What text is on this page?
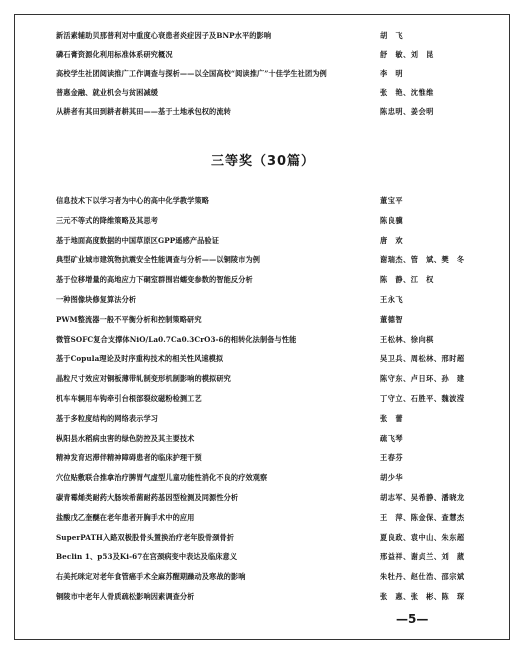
新活素辅助贝那普利对中重度心衰患者炎症因子及BNP水平的影响	胡　飞
磷石膏资源化利用标准体系研究概况	舒　敏、刘　昆
高校学生社团阅读推广工作调查与探析——以全国高校“阅读推广”十佳学生社团为例	李　明
普惠金融、就业机会与贫困减缓	张　艳、沈惟维
从耕者有其田到耕者耕其田——基于土地承包权的流转	陈忠明、姜会明
三等奖（30篇）
信息技术下以学习者为中心的高中化学教学策略	董宝平
三元不等式的降维策略及其思考	陈良骥
基于地面高度数据的中国草原区GPP遥感产品验证	唐　欢
典型矿业城市建筑物抗震安全性能调查与分析——以铜陵市为例	谢瑞杰、管　斌、樊　冬
基于位移增量的高地应力下硐室群围岩蠕变参数的智能反分析	陈　静、江　权
一种图像块修复算法分析	王永飞
PWM整流器一般不平衡分析和控制策略研究	董德智
微管SOFC复合支撑体NiO/La0.7Ca0.3CrO3-δ的相转化法制备与性能	王松林、徐向棋
基于Copula理论及时序重构技术的相关性风速模拟	吴卫兵、周松林、邢时超
晶粒尺寸效应对铜板薄带轧制变形机制影响的模拟研究	陈守东、卢日环、孙　建
机车车辆用车钩牵引台根部裂纹磁粉检测工艺	丁守立、石胜平、魏波滢
基于多粒度结构的网络表示学习	张　蕾
枞阳县水稻病虫害的绿色防控及其主要技术	疏飞琴
精神发育迟滞伴精神障碍患者的临床护理干预	王春芬
穴位贴敷联合推拿治疗脾胃气虚型儿童功能性消化不良的疗效观察	胡少华
碳青霉烯类耐药大肠埃希菌耐药基因型检测及同源性分析	胡志军、吴希静、潘晓龙
盐酸戊乙奎醚在老年患者开胸手术中的应用	王　萍、陈金保、查慧杰
SuperPATH入路双极股骨头置换治疗老年股骨颈骨折	夏良政、袁中山、朱东超
Beclin 1、p53及Ki-67在宫颈病变中表达及临床意义	邢益祥、谢贞兰、刘　葳
右美托咪定对老年食管癌手术全麻苏醒期躁动及寒战的影响	朱牡丹、赵仕浩、邵宗斌
铜陵市中老年人骨质疏松影响因素调查分析	张　惠、张　彬、陈　琛
—5—
